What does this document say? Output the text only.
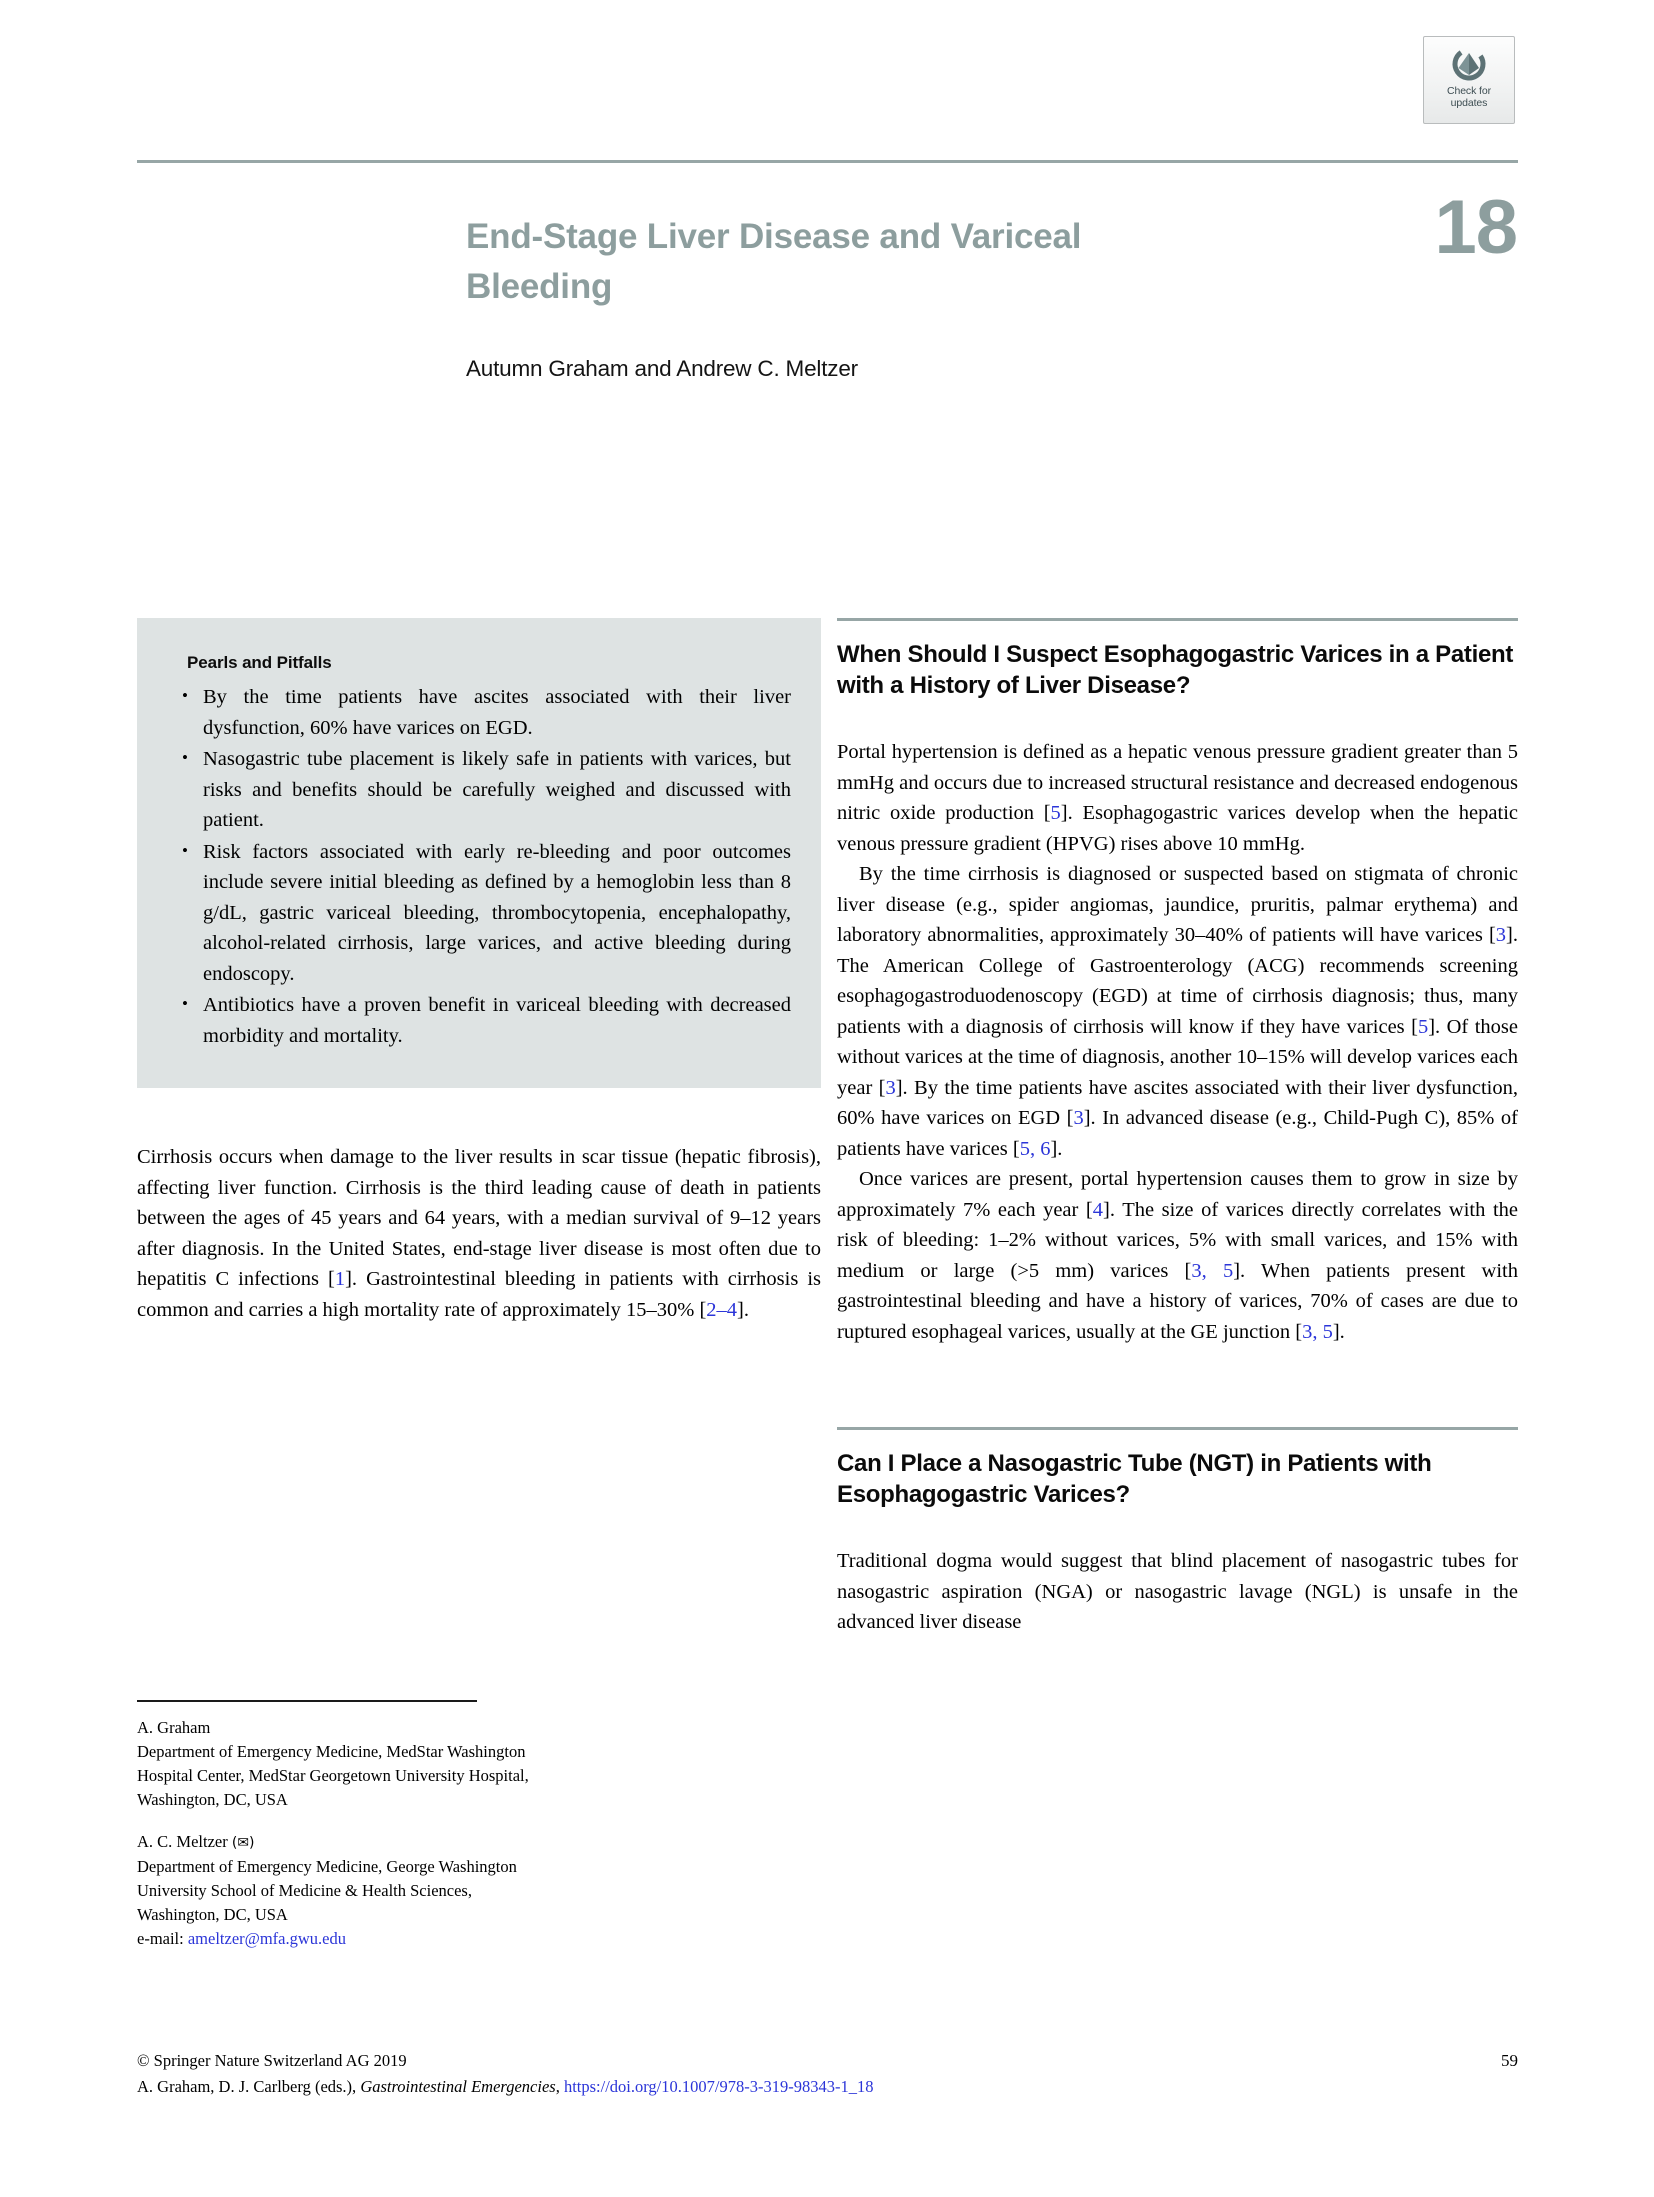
Check for
updates
End-Stage Liver Disease and Variceal Bleeding
18
Autumn Graham and Andrew C. Meltzer
Pearls and Pitfalls
• By the time patients have ascites associated with their liver dysfunction, 60% have varices on EGD.
• Nasogastric tube placement is likely safe in patients with varices, but risks and benefits should be carefully weighed and discussed with patient.
• Risk factors associated with early re-bleeding and poor outcomes include severe initial bleeding as defined by a hemoglobin less than 8 g/dL, gastric variceal bleeding, thrombocytopenia, encephalopathy, alcohol-related cirrhosis, large varices, and active bleeding during endoscopy.
• Antibiotics have a proven benefit in variceal bleeding with decreased morbidity and mortality.

Cirrhosis occurs when damage to the liver results in scar tissue (hepatic fibrosis), affecting liver function. Cirrhosis is the third leading cause of death in patients between the ages of 45 years and 64 years, with a median survival of 9–12 years after diagnosis. In the United States, end-stage liver disease is most often due to hepatitis C infections [1]. Gastrointestinal bleeding in patients with cirrhosis is common and carries a high mortality rate of approximately 15–30% [2–4].

When Should I Suspect Esophagogastric Varices in a Patient with a History of Liver Disease?

Portal hypertension is defined as a hepatic venous pressure gradient greater than 5 mmHg and occurs due to increased structural resistance and decreased endogenous nitric oxide production [5]. Esophagogastric varices develop when the hepatic venous pressure gradient (HPVG) rises above 10 mmHg.

By the time cirrhosis is diagnosed or suspected based on stigmata of chronic liver disease (e.g., spider angiomas, jaundice, pruritis, palmar erythema) and laboratory abnormalities, approximately 30–40% of patients will have varices [3]. The American College of Gastroenterology (ACG) recommends screening esophagogastroduodenoscopy (EGD) at time of cirrhosis diagnosis; thus, many patients with a diagnosis of cirrhosis will know if they have varices [5]. Of those without varices at the time of diagnosis, another 10–15% will develop varices each year [3]. By the time patients have ascites associated with their liver dysfunction, 60% have varices on EGD [3]. In advanced disease (e.g., Child-Pugh C), 85% of patients have varices [5, 6].

Once varices are present, portal hypertension causes them to grow in size by approximately 7% each year [4]. The size of varices directly correlates with the risk of bleeding: 1–2% without varices, 5% with small varices, and 15% with medium or large (>5 mm) varices [3, 5]. When patients present with gastrointestinal bleeding and have a history of varices, 70% of cases are due to ruptured esophageal varices, usually at the GE junction [3, 5].

Can I Place a Nasogastric Tube (NGT) in Patients with Esophagogastric Varices?

Traditional dogma would suggest that blind placement of nasogastric tubes for nasogastric aspiration (NGA) or nasogastric lavage (NGL) is unsafe in the advanced liver disease

A. Graham
Department of Emergency Medicine, MedStar Washington
Hospital Center, MedStar Georgetown University Hospital,
Washington, DC, USA
A. C. Meltzer (✉)
Department of Emergency Medicine, George Washington
University School of Medicine & Health Sciences,
Washington, DC, USA
e-mail: ameltzer@mfa.gwu.edu
© Springer Nature Switzerland AG 2019	59
A. Graham, D. J. Carlberg (eds.), Gastrointestinal Emergencies, https://doi.org/10.1007/978-3-319-98343-1_18
